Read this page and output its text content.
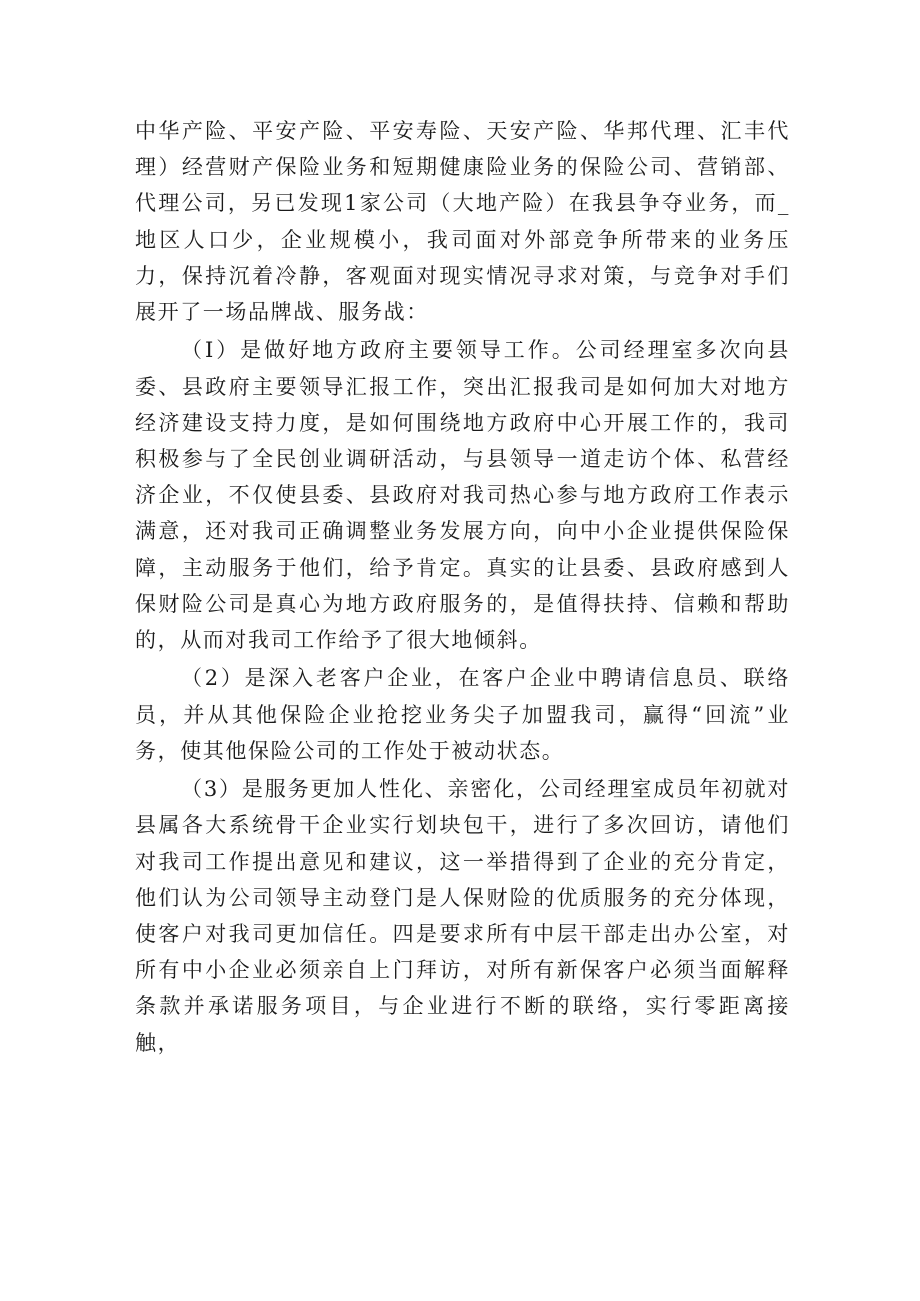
中华产险、平安产险、平安寿险、天安产险、华邦代理、汇丰代理）经营财产保险业务和短期健康险业务的保险公司、营销部、代理公司，另已发现1家公司（大地产险）在我县争夺业务，而_地区人口少，企业规模小，我司面对外部竞争所带来的业务压力，保持沉着冷静，客观面对现实情况寻求对策，与竞争对手们展开了一场品牌战、服务战：

（I）是做好地方政府主要领导工作。公司经理室多次向县委、县政府主要领导汇报工作，突出汇报我司是如何加大对地方经济建设支持力度，是如何围绕地方政府中心开展工作的，我司积极参与了全民创业调研活动，与县领导一道走访个体、私营经济企业，不仅使县委、县政府对我司热心参与地方政府工作表示满意，还对我司正确调整业务发展方向，向中小企业提供保险保障，主动服务于他们，给予肯定。真实的让县委、县政府感到人保财险公司是真心为地方政府服务的，是值得扶持、信赖和帮助的，从而对我司工作给予了很大地倾斜。

（2）是深入老客户企业，在客户企业中聘请信息员、联络员，并从其他保险企业抢挖业务尖子加盟我司，赢得“回流”业务，使其他保险公司的工作处于被动状态。

（3）是服务更加人性化、亲密化，公司经理室成员年初就对县属各大系统骨干企业实行划块包干，进行了多次回访，请他们对我司工作提出意见和建议，这一举措得到了企业的充分肯定，他们认为公司领导主动登门是人保财险的优质服务的充分体现，使客户对我司更加信任。四是要求所有中层干部走出办公室，对所有中小企业必须亲自上门拜访，对所有新保客户必须当面解释条款并承诺服务项目，与企业进行不断的联络，实行零距离接触，
